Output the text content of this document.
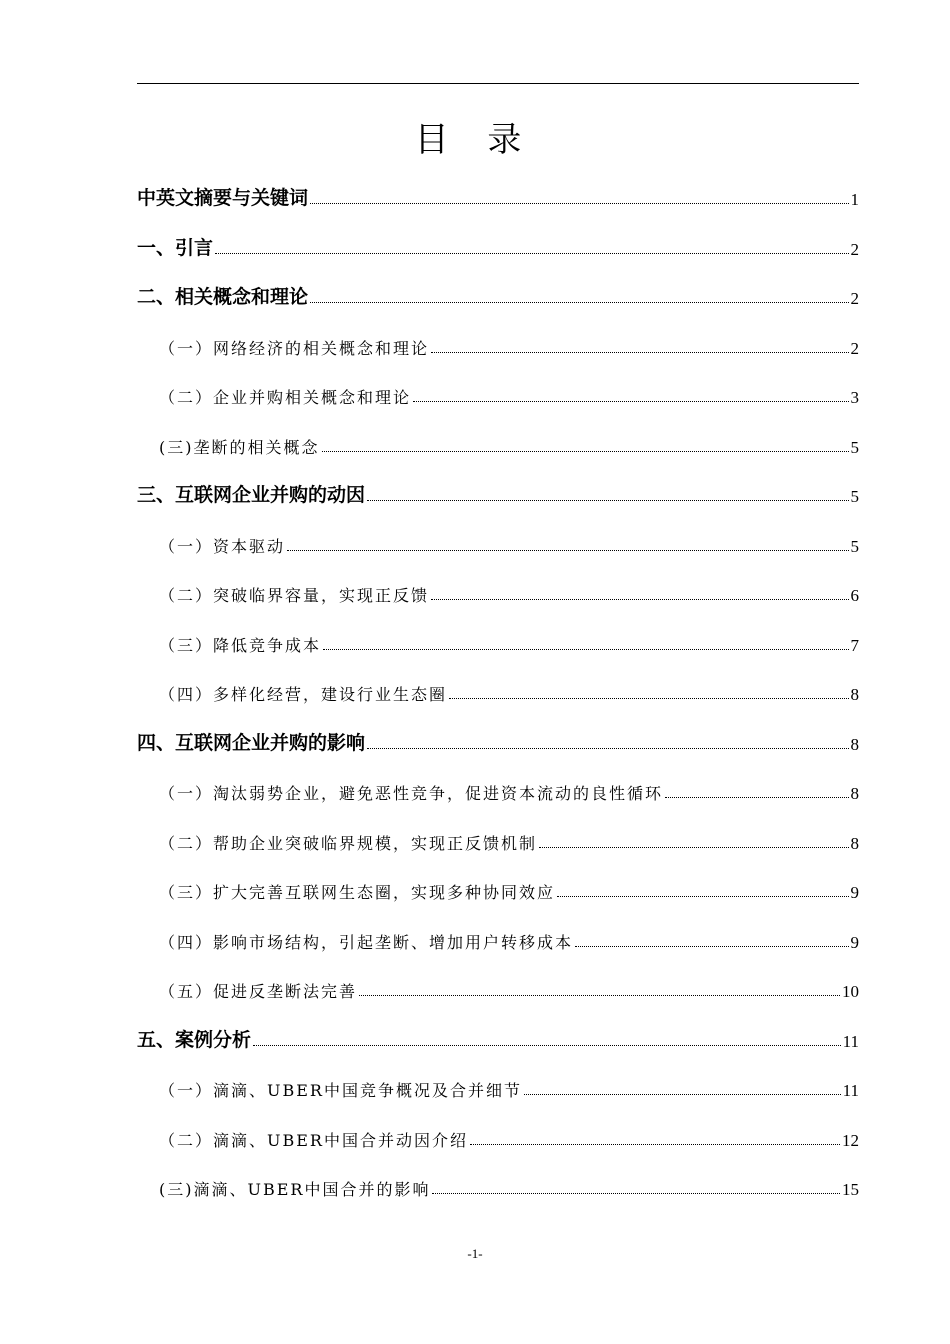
目 录
中英文摘要与关键词	1
一、引言	2
二、相关概念和理论	2
（一）网络经济的相关概念和理论	2
（二）企业并购相关概念和理论	3
(三)垄断的相关概念	5
三、互联网企业并购的动因	5
（一）资本驱动	5
（二）突破临界容量，实现正反馈	6
（三）降低竞争成本	7
（四）多样化经营，建设行业生态圈	8
四、互联网企业并购的影响	8
（一）淘汰弱势企业，避免恶性竞争，促进资本流动的良性循环	8
（二）帮助企业突破临界规模，实现正反馈机制	8
（三）扩大完善互联网生态圈，实现多种协同效应	9
（四）影响市场结构，引起垄断、增加用户转移成本	9
（五）促进反垄断法完善	10
五、案例分析	11
（一）滴滴、UBER中国竞争概况及合并细节	11
（二）滴滴、UBER中国合并动因介绍	12
(三)滴滴、UBER中国合并的影响	15
-1-
